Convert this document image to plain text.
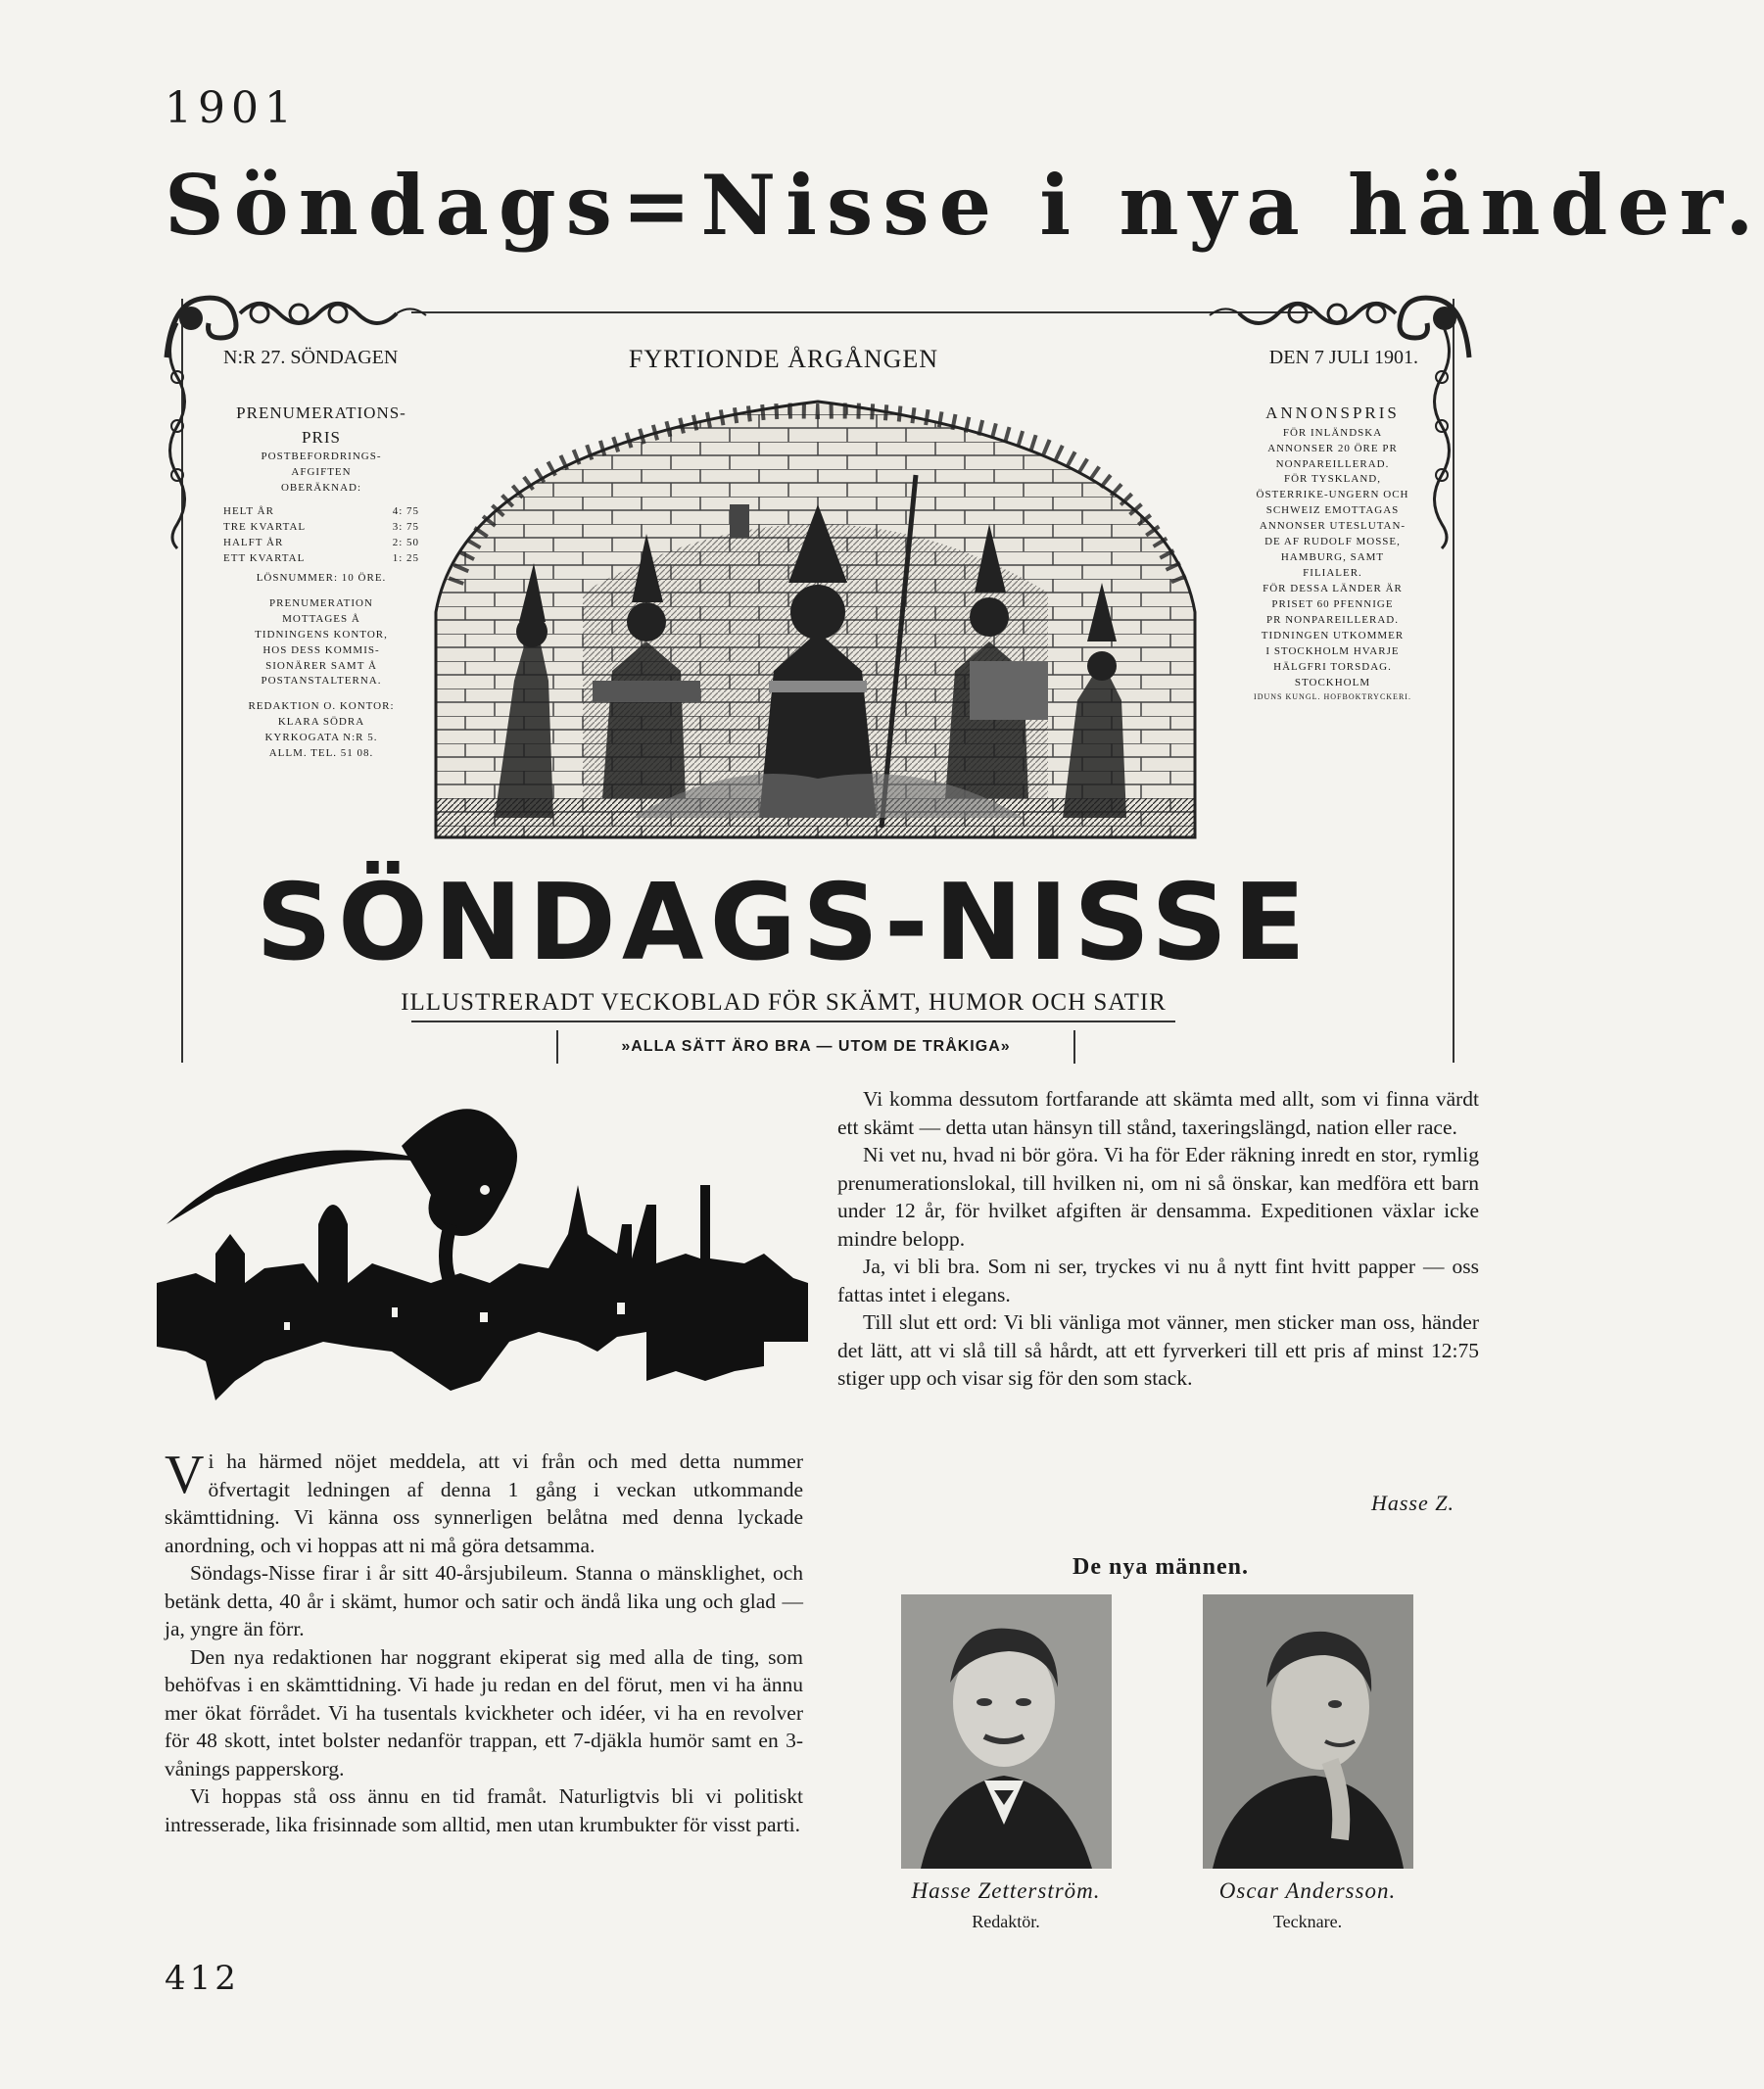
1901
Söndags=Nisse i nya händer.
N:R 27. SÖNDAGEN	FYRTIONDE ÅRGÅNGEN	DEN 7 JULI 1901.
PRENUMERATIONS-
PRIS
POSTBEFORDRINGS-
AFGIFTEN
OBERÄKNAD:
HELT ÅR	4: 75
TRE KVARTAL	3: 75
HALFT ÅR	2: 50
ETT KVARTAL	1: 25
LÖSNUMMER: 10 ÖRE.
PRENUMERATION
MOTTAGES Å
TIDNINGENS KONTOR,
HOS DESS KOMMIS-
SIONÄRER SAMT Å
POSTANSTALTERNA.
REDAKTION O. KONTOR:
KLARA SÖDRA
KYRKOGATA N:R 5.
ALLM. TEL. 51 08.
ANNONSPRIS
FÖR INLÄNDSKA
ANNONSER 20 ÖRE PR
NONPAREILLERAD.
FÖR TYSKLAND,
ÖSTERRIKE-UNGERN OCH
SCHWEIZ EMOTTAGAS
ANNONSER UTESLUTAN-
DE AF RUDOLF MOSSE,
HAMBURG, SAMT
FILIALER.
FÖR DESSA LÄNDER ÄR
PRISET 60 PFENNIGE
PR NONPAREILLERAD.
TIDNINGEN UTKOMMER
I STOCKHOLM HVARJE
HÄLGFRI TORSDAG.
STOCKHOLM
IDUNS KUNGL. HOFBOKTRYCKERI.
SÖNDAGS-NISSE
ILLUSTRERADT VECKOBLAD FÖR SKÄMT, HUMOR OCH SATIR
»ALLA SÄTT ÄRO BRA — UTOM DE TRÅKIGA»

Vi ha härmed nöjet meddela, att vi från och med detta nummer öfvertagit ledningen af denna 1 gång i veckan utkommande skämttidning. Vi känna oss synnerligen belåtna med denna lyckade anordning, och vi hoppas att ni må göra detsamma.

Söndags-Nisse firar i år sitt 40-årsjubileum. Stanna o mänsklighet, och betänk detta, 40 år i skämt, humor och satir och ändå lika ung och glad — ja, yngre än förr.

Den nya redaktionen har noggrant ekiperat sig med alla de ting, som behöfvas i en skämttidning. Vi hade ju redan en del förut, men vi ha ännu mer ökat förrådet. Vi ha tusentals kvickheter och idéer, vi ha en revolver för 48 skott, intet bolster nedanför trappan, ett 7-djäkla humör samt en 3-vånings papperskorg.

Vi hoppas stå oss ännu en tid framåt. Naturligtvis bli vi politiskt intresserade, lika frisinnade som alltid, men utan krumbukter för visst parti.

Vi komma dessutom fortfarande att skämta med allt, som vi finna värdt ett skämt — detta utan hänsyn till stånd, taxeringslängd, nation eller race.

Ni vet nu, hvad ni bör göra. Vi ha för Eder räkning inredt en stor, rymlig prenumerationslokal, till hvilken ni, om ni så önskar, kan medföra ett barn under 12 år, för hvilket afgiften är densamma. Expeditionen växlar icke mindre belopp.

Ja, vi bli bra. Som ni ser, tryckes vi nu å nytt fint hvitt papper — oss fattas intet i elegans.

Till slut ett ord: Vi bli vänliga mot vänner, men sticker man oss, händer det lätt, att vi slå till så hårdt, att ett fyrverkeri till ett pris af minst 12:75 stiger upp och visar sig för den som stack.

Hasse Z.
De nya männen.
Hasse Zetterström.
Redaktör.
Oscar Andersson.
Tecknare.
412
